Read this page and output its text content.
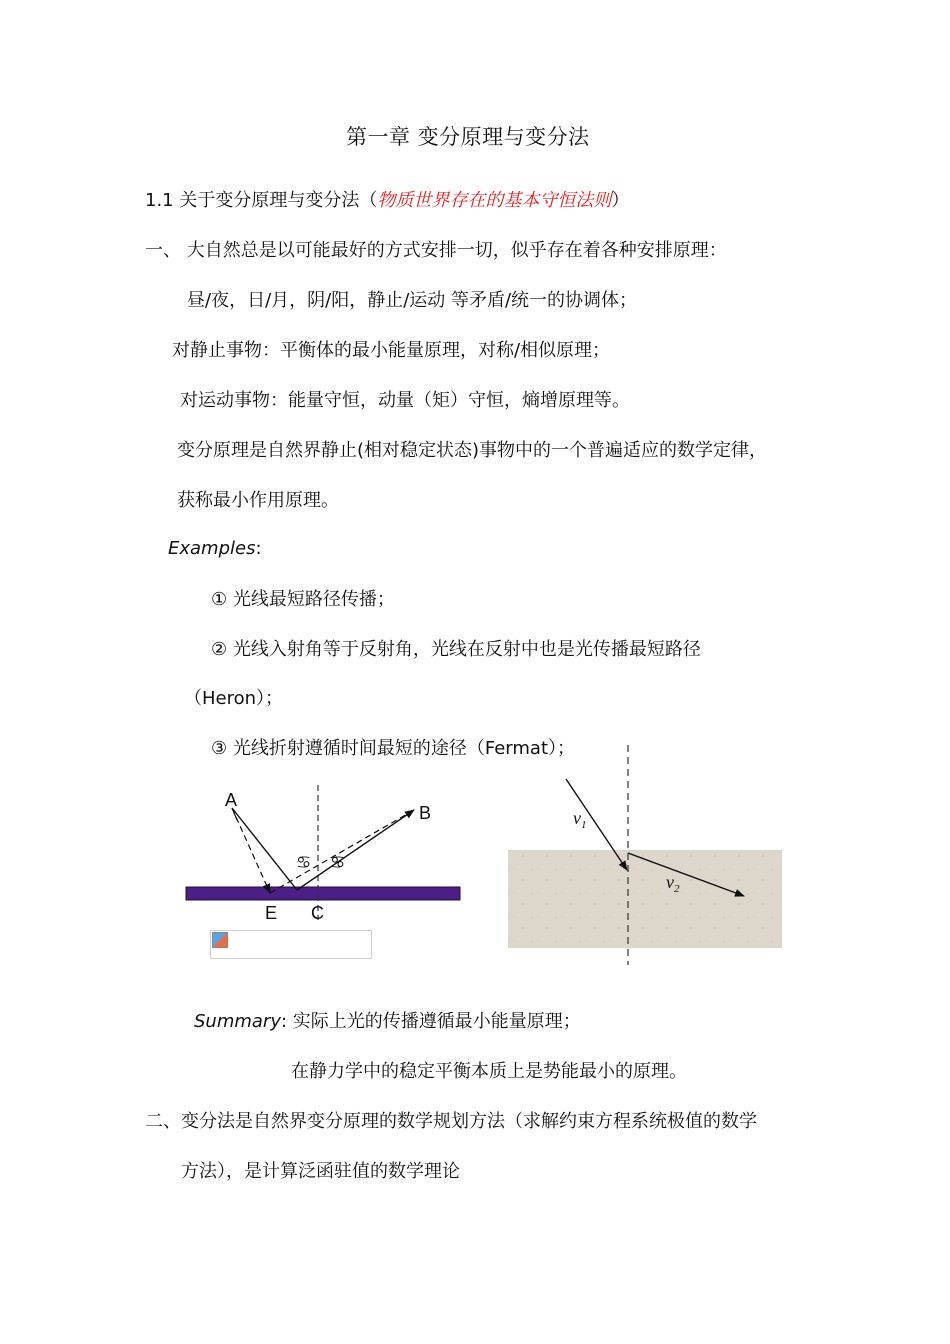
第一章 变分原理与变分法
1.1 关于变分原理与变分法（物质世界存在的基本守恒法则）
一、 大自然总是以可能最好的方式安排一切，似乎存在着各种安排原理：
昼/夜，日/月，阴/阳，静止/运动 等矛盾/统一的协调体；
对静止事物：平衡体的最小能量原理，对称/相似原理；
对运动事物：能量守恒，动量（矩）守恒，熵增原理等。
变分原理是自然界静止(相对稳定状态)事物中的一个普遍适应的数学定律，
获称最小作用原理。
Examples:
① 光线最短路径传播；
② 光线入射角等于反射角，光线在反射中也是光传播最短路径
（Heron）；
③ 光线折射遵循时间最短的途径（Fermat）；
A
B
E C
♋ ♋
$v_1$
$v_2$
Summary: 实际上光的传播遵循最小能量原理；
在静力学中的稳定平衡本质上是势能最小的原理。
二、变分法是自然界变分原理的数学规划方法（求解约束方程系统极值的数学
方法），是计算泛函驻值的数学理论
